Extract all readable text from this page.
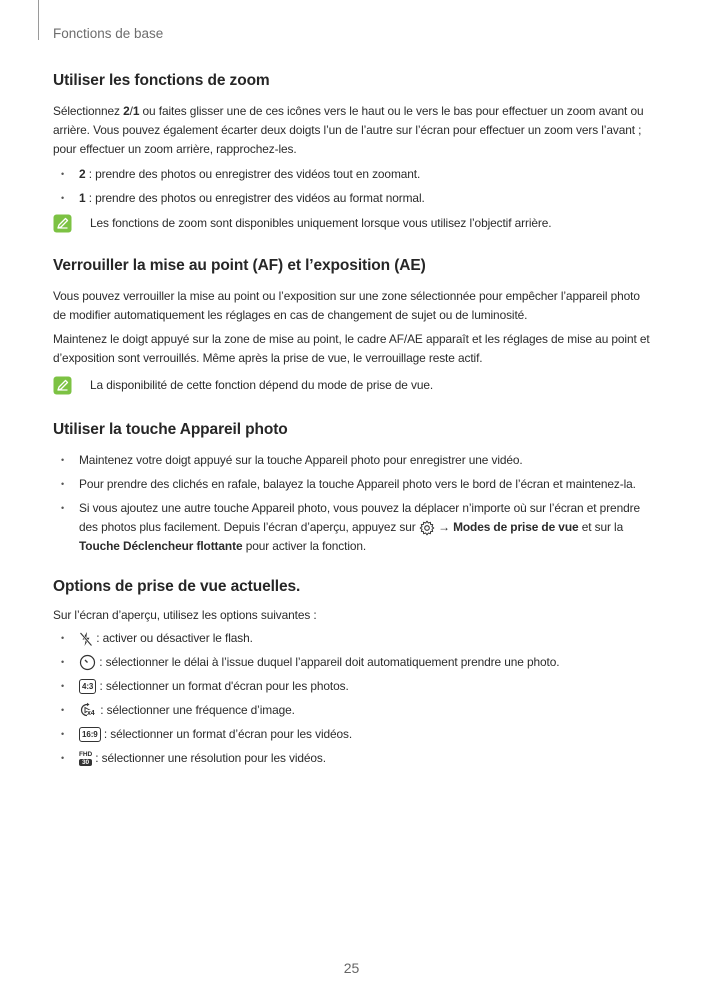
Fonctions de base
Utiliser les fonctions de zoom

Sélectionnez 2/1 ou faites glisser une de ces icônes vers le haut ou le vers le bas pour effectuer un zoom avant ou arrière. Vous pouvez également écarter deux doigts l’un de l’autre sur l’écran pour effectuer un zoom vers l’avant ; pour effectuer un zoom arrière, rapprochez-les.

• 2 : prendre des photos ou enregistrer des vidéos tout en zoomant.
• 1 : prendre des photos ou enregistrer des vidéos au format normal.
Les fonctions de zoom sont disponibles uniquement lorsque vous utilisez l’objectif arrière.
Verrouiller la mise au point (AF) et l’exposition (AE)

Vous pouvez verrouiller la mise au point ou l’exposition sur une zone sélectionnée pour empêcher l’appareil photo de modifier automatiquement les réglages en cas de changement de sujet ou de luminosité.

Maintenez le doigt appuyé sur la zone de mise au point, le cadre AF/AE apparaît et les réglages de mise au point et d’exposition sont verrouillés. Même après la prise de vue, le verrouillage reste actif.

La disponibilité de cette fonction dépend du mode de prise de vue.
Utiliser la touche Appareil photo
• Maintenez votre doigt appuyé sur la touche Appareil photo pour enregistrer une vidéo.
• Pour prendre des clichés en rafale, balayez la touche Appareil photo vers le bord de l’écran et maintenez-la.
• Si vous ajoutez une autre touche Appareil photo, vous pouvez la déplacer n’importe où sur l’écran et prendre des photos plus facilement. Depuis l’écran d’aperçu, appuyez sur  → Modes de prise de vue et sur la Touche Déclencheur flottante pour activer la fonction.
Options de prise de vue actuelles.

Sur l’écran d’aperçu, utilisez les options suivantes :

• : activer ou désactiver le flash.
• : sélectionner le délai à l’issue duquel l’appareil doit automatiquement prendre une photo.
• 4:3 : sélectionner un format d'écran pour les photos.
• x4 : sélectionner une fréquence d’image.
• 16:9 : sélectionner un format d’écran pour les vidéos.
• FHD
30 : sélectionner une résolution pour les vidéos.
25
